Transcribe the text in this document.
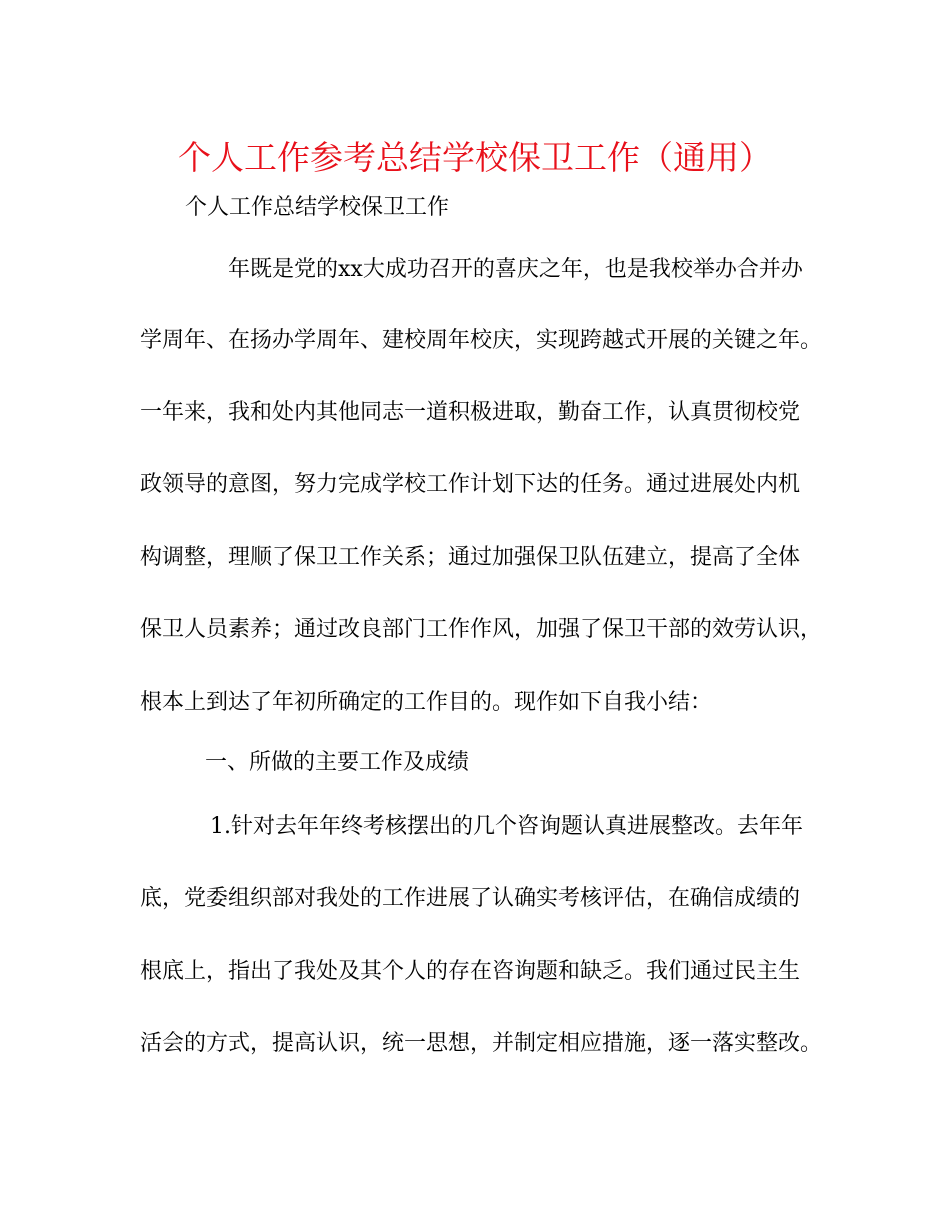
个人工作参考总结学校保卫工作（通用）
个人工作总结学校保卫工作
年既是党的xx大成功召开的喜庆之年，也是我校举办合并办
学周年、在扬办学周年、建校周年校庆，实现跨越式开展的关键之年。
一年来，我和处内其他同志一道积极进取，勤奋工作，认真贯彻校党
政领导的意图，努力完成学校工作计划下达的任务。通过进展处内机
构调整，理顺了保卫工作关系；通过加强保卫队伍建立，提高了全体
保卫人员素养；通过改良部门工作作风，加强了保卫干部的效劳认识，
根本上到达了年初所确定的工作目的。现作如下自我小结：
一、所做的主要工作及成绩
1.针对去年年终考核摆出的几个咨询题认真进展整改。去年年
底，党委组织部对我处的工作进展了认确实考核评估，在确信成绩的
根底上，指出了我处及其个人的存在咨询题和缺乏。我们通过民主生
活会的方式，提高认识，统一思想，并制定相应措施，逐一落实整改。
